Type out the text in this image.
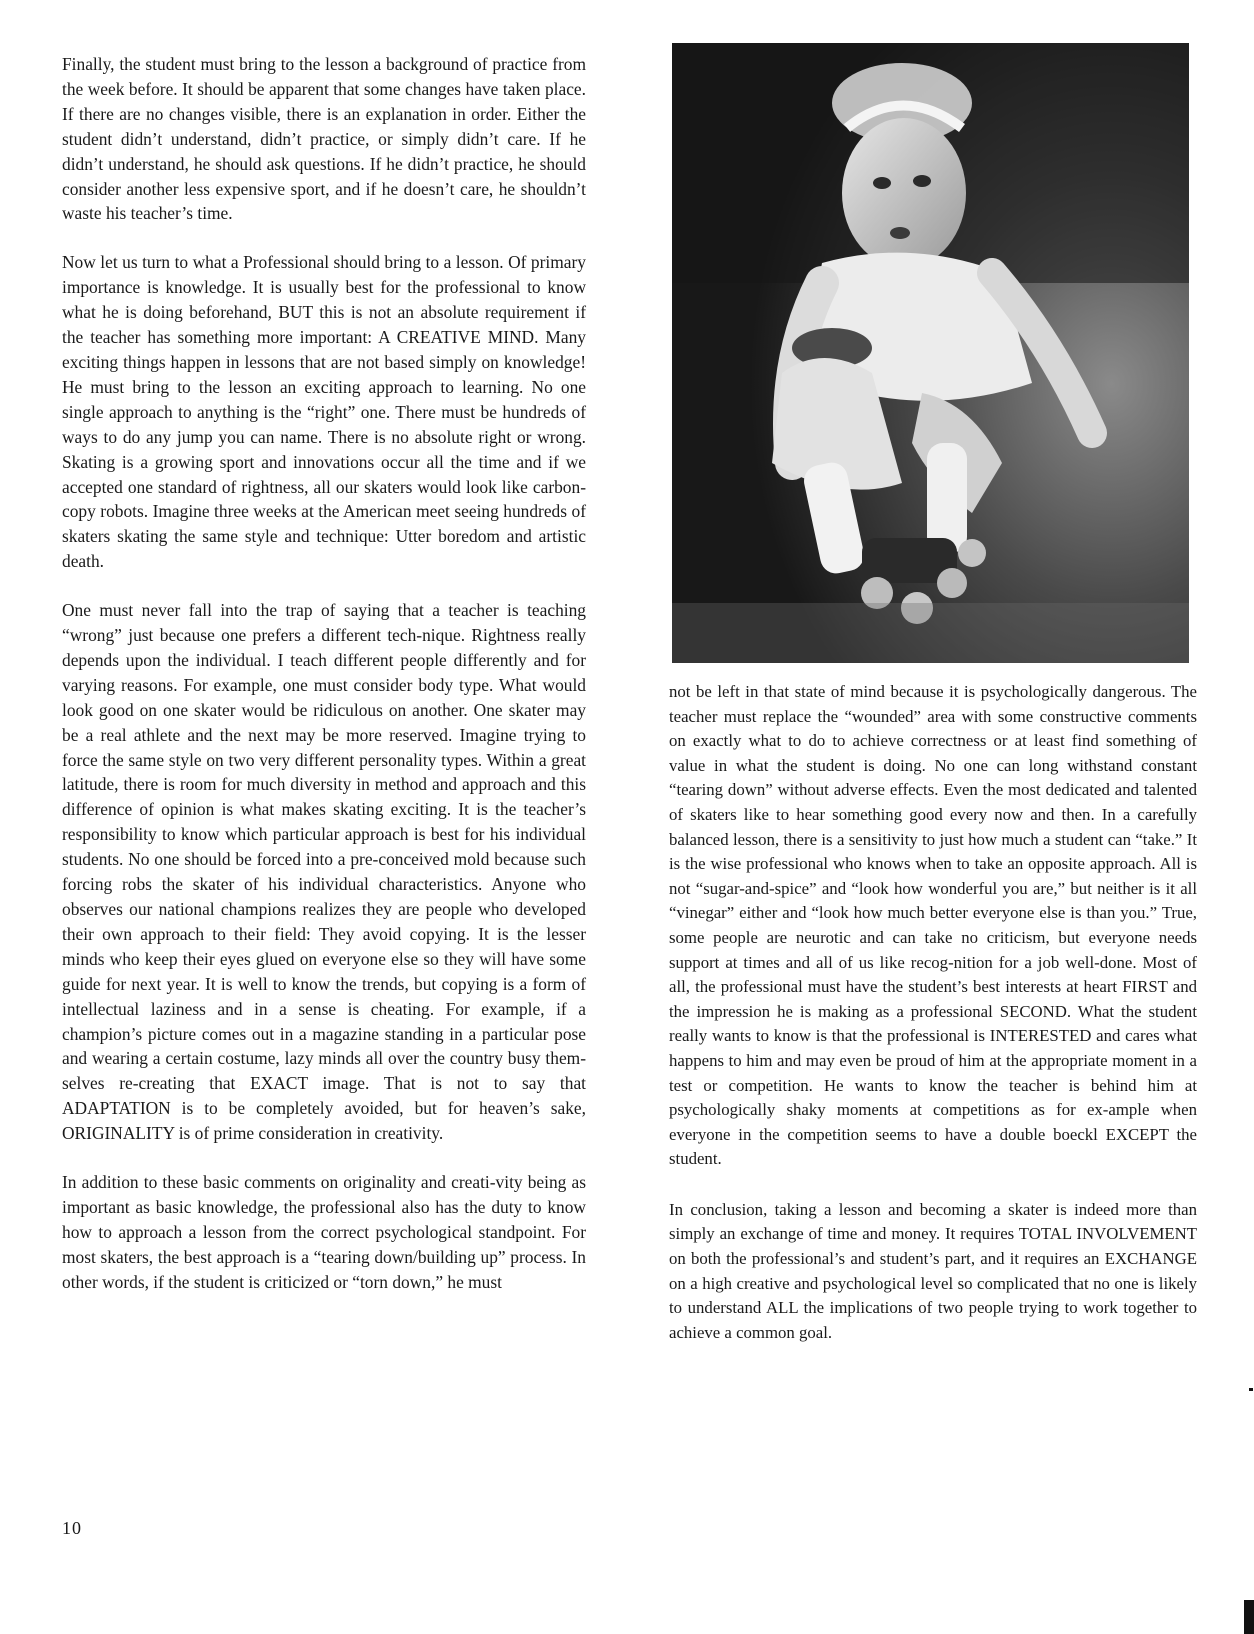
Finally, the student must bring to the lesson a background of practice from the week before. It should be apparent that some changes have taken place. If there are no changes visible, there is an explanation in order. Either the student didn’t understand, didn’t practice, or simply didn’t care. If he didn’t understand, he should ask questions. If he didn’t practice, he should consider another less expensive sport, and if he doesn’t care, he shouldn’t waste his teacher’s time.

Now let us turn to what a Professional should bring to a lesson. Of primary importance is knowledge. It is usually best for the professional to know what he is doing beforehand, BUT this is not an absolute requirement if the teacher has something more important: A CREATIVE MIND. Many exciting things happen in lessons that are not based simply on knowledge! He must bring to the lesson an exciting approach to learning. No one single approach to anything is the “right” one. There must be hundreds of ways to do any jump you can name. There is no absolute right or wrong. Skating is a growing sport and innovations occur all the time and if we accepted one standard of rightness, all our skaters would look like carbon-copy robots. Imagine three weeks at the American meet seeing hundreds of skaters skating the same style and technique: Utter boredom and artistic death.

One must never fall into the trap of saying that a teacher is teaching “wrong” just because one prefers a different tech-nique. Rightness really depends upon the individual. I teach different people differently and for varying reasons. For example, one must consider body type. What would look good on one skater would be ridiculous on another. One skater may be a real athlete and the next may be more reserved. Imagine trying to force the same style on two very different personality types. Within a great latitude, there is room for much diversity in method and approach and this difference of opinion is what makes skating exciting. It is the teacher’s responsibility to know which particular approach is best for his individual students. No one should be forced into a pre-conceived mold because such forcing robs the skater of his individual characteristics. Anyone who observes our national champions realizes they are people who developed their own approach to their field: They avoid copying. It is the lesser minds who keep their eyes glued on everyone else so they will have some guide for next year. It is well to know the trends, but copying is a form of intellectual laziness and in a sense is cheating. For example, if a champion’s picture comes out in a magazine standing in a particular pose and wearing a certain costume, lazy minds all over the country busy them-selves re-creating that EXACT image. That is not to say that ADAPTATION is to be completely avoided, but for heaven’s sake, ORIGINALITY is of prime consideration in creativity.

In addition to these basic comments on originality and creati-vity being as important as basic knowledge, the professional also has the duty to know how to approach a lesson from the correct psychological standpoint. For most skaters, the best approach is a “tearing down/building up” process. In other words, if the student is criticized or “torn down,” he must

not be left in that state of mind because it is psychologically dangerous. The teacher must replace the “wounded” area with some constructive comments on exactly what to do to achieve correctness or at least find something of value in what the student is doing. No one can long withstand constant “tearing down” without adverse effects. Even the most dedicated and talented of skaters like to hear something good every now and then. In a carefully balanced lesson, there is a sensitivity to just how much a student can “take.” It is the wise professional who knows when to take an opposite approach. All is not “sugar-and-spice” and “look how wonderful you are,” but neither is it all “vinegar” either and “look how much better everyone else is than you.” True, some people are neurotic and can take no criticism, but everyone needs support at times and all of us like recog-nition for a job well-done. Most of all, the professional must have the student’s best interests at heart FIRST and the impression he is making as a professional SECOND. What the student really wants to know is that the professional is INTERESTED and cares what happens to him and may even be proud of him at the appropriate moment in a test or competition. He wants to know the teacher is behind him at psychologically shaky moments at competitions as for ex-ample when everyone in the competition seems to have a double boeckl EXCEPT the student.

In conclusion, taking a lesson and becoming a skater is indeed more than simply an exchange of time and money. It requires TOTAL INVOLVEMENT on both the professional’s and student’s part, and it requires an EXCHANGE on a high creative and psychological level so complicated that no one is likely to understand ALL the implications of two people trying to work together to achieve a common goal.

10
